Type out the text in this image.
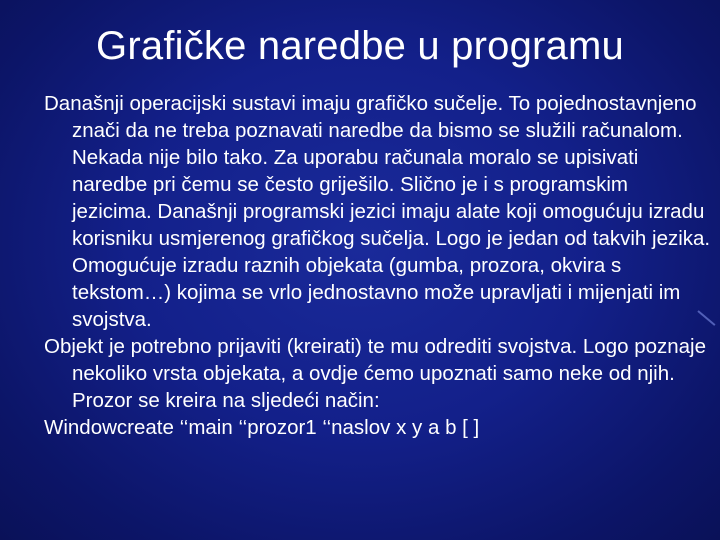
Grafičke naredbe u programu

Današnji operacijski sustavi imaju grafičko sučelje. To pojednostavnjeno znači da ne treba poznavati naredbe da bismo se služili računalom. Nekada nije bilo tako. Za uporabu računala moralo se upisivati naredbe pri čemu se često griješilo. Slično je i s programskim jezicima. Današnji programski jezici imaju alate koji omogućuju izradu korisniku usmjerenog grafičkog sučelja. Logo je jedan od takvih jezika. Omogućuje izradu raznih objekata (gumba, prozora, okvira s tekstom…) kojima se vrlo jednostavno može upravljati i mijenjati im svojstva.

Objekt je potrebno prijaviti (kreirati) te mu odrediti svojstva. Logo poznaje nekoliko vrsta objekata, a ovdje ćemo upoznati samo neke od njih. Prozor se kreira na sljedeći način:

Windowcreate ‘‘main ‘‘prozor1 ‘‘naslov x y a b [ ]
